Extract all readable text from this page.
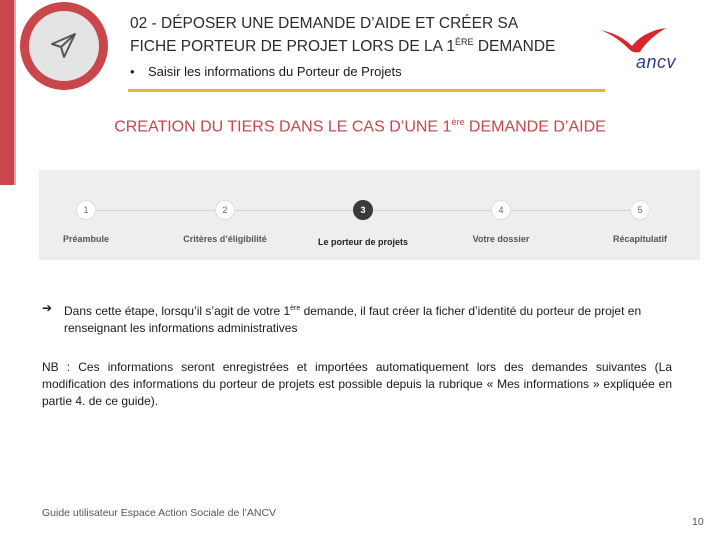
02 - DÉPOSER UNE DEMANDE D’AIDE ET CRÉER SA
FICHE PORTEUR DE PROJET LORS DE LA 1ÈRE DEMANDE
• Saisir les informations du Porteur de Projets	ancv
CREATION DU TIERS DANS LE CAS D’UNE 1ère DEMANDE D’AIDE
1
Préambule
2
Critères d’éligibilité
3
Le porteur de projets
4
Votre dossier
5
Récapitulatif
➔ Dans cette étape, lorsqu’il s’agit de votre 1ère demande, il faut créer la ficher d’identité du porteur de projet en renseignant les informations administratives
NB : Ces informations seront enregistrées et importées automatiquement lors des demandes suivantes (La modification des informations du porteur de projets est possible depuis la rubrique « Mes informations » expliquée en partie 4. de ce guide).
Guide utilisateur Espace Action Sociale de l’ANCV
10
